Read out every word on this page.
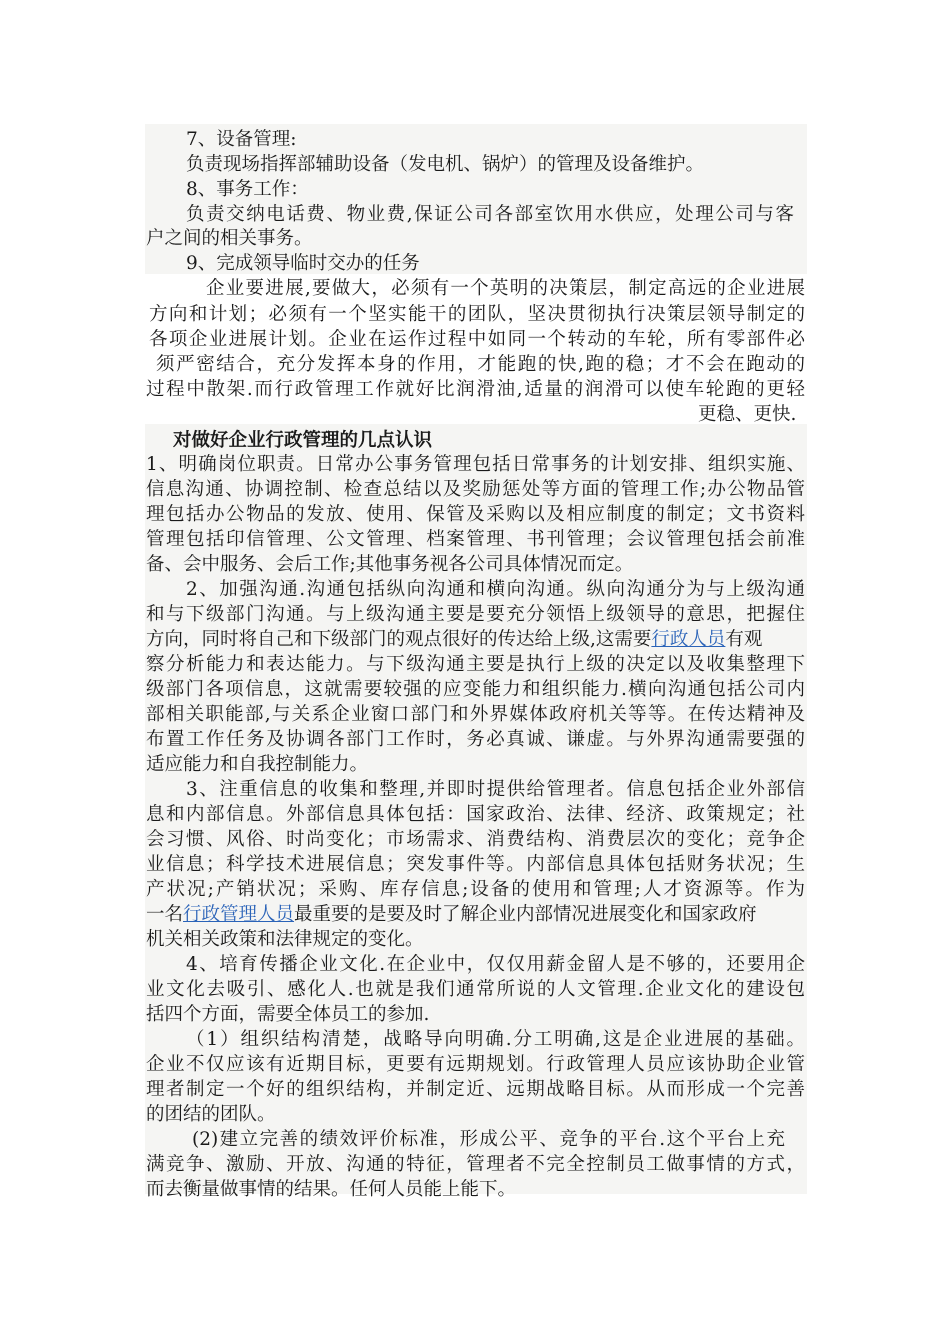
7、设备管理:
负责现场指挥部辅助设备（发电机、锅炉）的管理及设备维护。
8、事务工作：
负责交纳电话费、物业费,保证公司各部室饮用水供应，处理公司与客
户之间的相关事务。
9、完成领导临时交办的任务
企业要进展,要做大，必须有一个英明的决策层，制定高远的企业进展
方向和计划；必须有一个坚实能干的团队，坚决贯彻执行决策层领导制定的
各项企业进展计划。企业在运作过程中如同一个转动的车轮，所有零部件必
须严密结合，充分发挥本身的作用，才能跑的快,跑的稳；才不会在跑动的
过程中散架.而行政管理工作就好比润滑油,适量的润滑可以使车轮跑的更轻
更稳、更快.
对做好企业行政管理的几点认识
1、明确岗位职责。日常办公事务管理包括日常事务的计划安排、组织实施、
信息沟通、协调控制、检查总结以及奖励惩处等方面的管理工作;办公物品管
理包括办公物品的发放、使用、保管及采购以及相应制度的制定；文书资料
管理包括印信管理、公文管理、档案管理、书刊管理；会议管理包括会前准
备、会中服务、会后工作;其他事务视各公司具体情况而定。
2、加强沟通.沟通包括纵向沟通和横向沟通。纵向沟通分为与上级沟通
和与下级部门沟通。与上级沟通主要是要充分领悟上级领导的意思，把握住
方向，同时将自己和下级部门的观点很好的传达给上级,这需要行政人员有观
察分析能力和表达能力。与下级沟通主要是执行上级的决定以及收集整理下
级部门各项信息，这就需要较强的应变能力和组织能力.横向沟通包括公司内
部相关职能部,与关系企业窗口部门和外界媒体政府机关等等。在传达精神及
布置工作任务及协调各部门工作时，务必真诚、谦虚。与外界沟通需要强的
适应能力和自我控制能力。
3、注重信息的收集和整理,并即时提供给管理者。信息包括企业外部信
息和内部信息。外部信息具体包括：国家政治、法律、经济、政策规定；社
会习惯、风俗、时尚变化；市场需求、消费结构、消费层次的变化；竞争企
业信息；科学技术进展信息；突发事件等。内部信息具体包括财务状况；生
产状况;产销状况；采购、库存信息;设备的使用和管理;人才资源等。作为
一名行政管理人员最重要的是要及时了解企业内部情况进展变化和国家政府
机关相关政策和法律规定的变化。
4、培育传播企业文化.在企业中，仅仅用薪金留人是不够的，还要用企
业文化去吸引、感化人.也就是我们通常所说的人文管理.企业文化的建设包
括四个方面，需要全体员工的参加.
（1）组织结构清楚，战略导向明确.分工明确,这是企业进展的基础。
企业不仅应该有近期目标，更要有远期规划。行政管理人员应该协助企业管
理者制定一个好的组织结构，并制定近、远期战略目标。从而形成一个完善
的团结的团队。
(2)建立完善的绩效评价标准，形成公平、竞争的平台.这个平台上充
满竞争、激励、开放、沟通的特征，管理者不完全控制员工做事情的方式，
而去衡量做事情的结果。任何人员能上能下。
